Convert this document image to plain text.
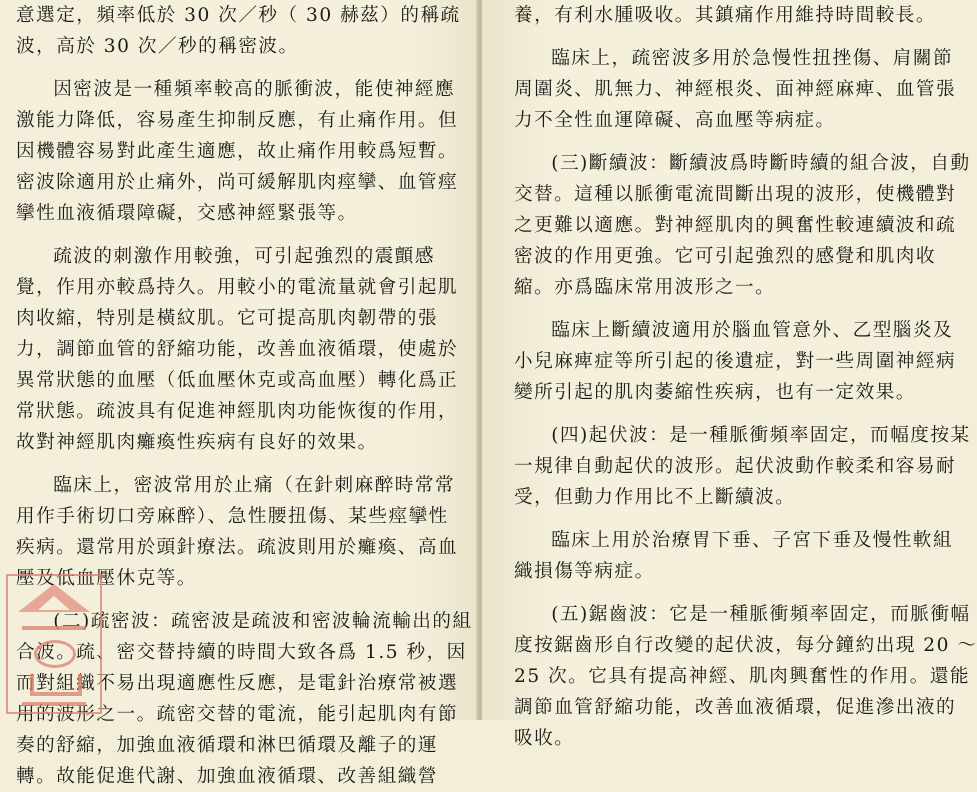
意選定，頻率低於 30 次／秒（ 30 赫茲）的稱疏
波，高於 30 次／秒的稱密波。
因密波是一種頻率較高的脈衝波，能使神經應
激能力降低，容易產生抑制反應，有止痛作用。但
因機體容易對此產生適應，故止痛作用較爲短暫。
密波除適用於止痛外，尚可緩解肌肉痙攣、血管痙
攣性血液循環障礙，交感神經緊張等。
疏波的刺激作用較強，可引起強烈的震顫感
覺，作用亦較爲持久。用較小的電流量就會引起肌
肉收縮，特別是橫紋肌。它可提高肌肉韌帶的張
力，調節血管的舒縮功能，改善血液循環，使處於
異常狀態的血壓（低血壓休克或高血壓）轉化爲正
常狀態。疏波具有促進神經肌肉功能恢復的作用，
故對神經肌肉癱瘓性疾病有良好的效果。
臨床上，密波常用於止痛（在針刺麻醉時常常
用作手術切口旁麻醉）、急性腰扭傷、某些痙攣性
疾病。還常用於頭針療法。疏波則用於癱瘓、高血
壓及低血壓休克等。
(二)疏密波：疏密波是疏波和密波輪流輸出的組
合波。疏、密交替持續的時間大致各爲 1.5 秒，因
而對組織不易出現適應性反應，是電針治療常被選
用的波形之一。疏密交替的電流，能引起肌肉有節
奏的舒縮，加強血液循環和淋巴循環及離子的運
轉。故能促進代謝、加強血液循環、改善組織營
養，有利水腫吸收。其鎮痛作用維持時間較長。
臨床上，疏密波多用於急慢性扭挫傷、肩關節
周圍炎、肌無力、神經根炎、面神經麻痺、血管張
力不全性血運障礙、高血壓等病症。
(三)斷續波：斷續波爲時斷時續的組合波，自動
交替。這種以脈衝電流間斷出現的波形，使機體對
之更難以適應。對神經肌肉的興奮性較連續波和疏
密波的作用更強。它可引起強烈的感覺和肌肉收
縮。亦爲臨床常用波形之一。
臨床上斷續波適用於腦血管意外、乙型腦炎及
小兒麻痺症等所引起的後遺症，對一些周圍神經病
變所引起的肌肉萎縮性疾病，也有一定效果。
(四)起伏波：是一種脈衝頻率固定，而幅度按某
一規律自動起伏的波形。起伏波動作較柔和容易耐
受，但動力作用比不上斷續波。
臨床上用於治療胃下垂、子宮下垂及慢性軟組
織損傷等病症。
(五)鋸齒波：它是一種脈衝頻率固定，而脈衝幅
度按鋸齒形自行改變的起伏波，每分鐘約出現 20 ～
25 次。它具有提高神經、肌肉興奮性的作用。還能
調節血管舒縮功能，改善血液循環，促進滲出液的
吸收。
